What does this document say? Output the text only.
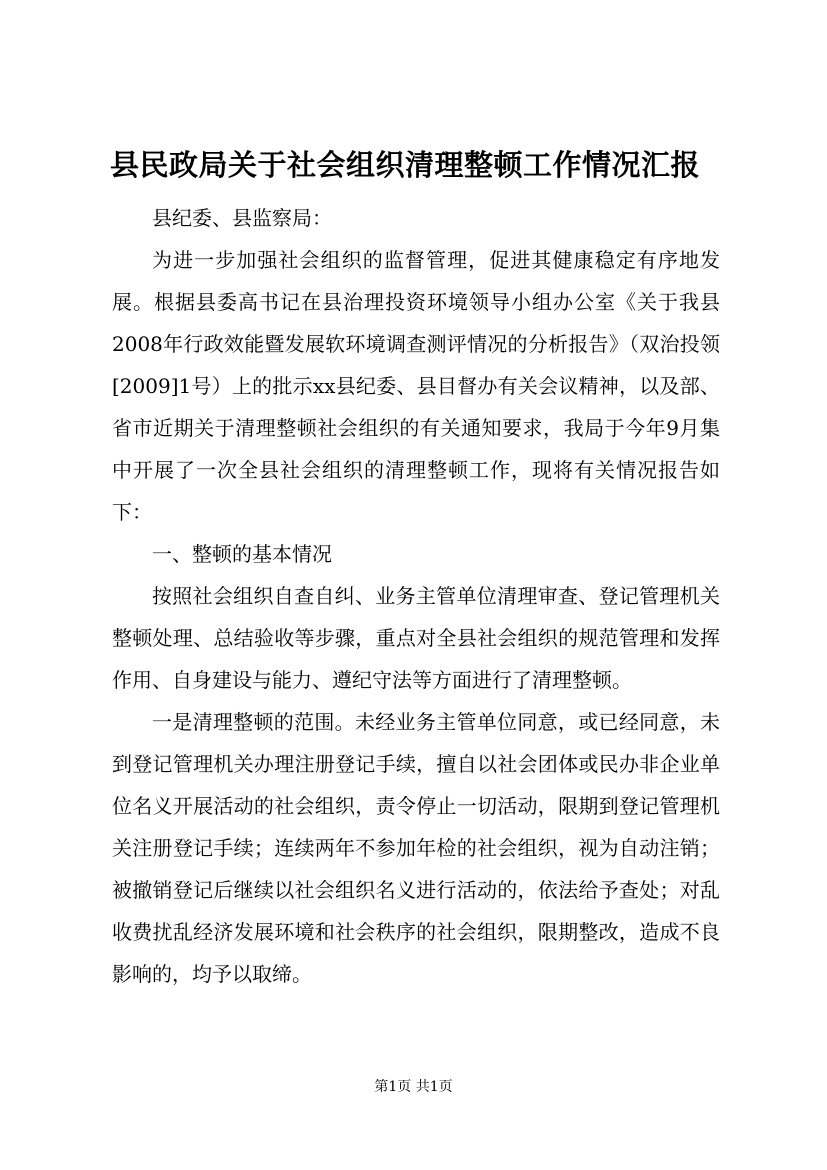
县民政局关于社会组织清理整顿工作情况汇报

县纪委、县监察局：

为进一步加强社会组织的监督管理，促进其健康稳定有序地发展。根据县委高书记在县治理投资环境领导小组办公室《关于我县2008年行政效能暨发展软环境调查测评情况的分析报告》（双治投领[2009]1号）上的批示xx县纪委、县目督办有关会议精神，以及部、省市近期关于清理整顿社会组织的有关通知要求，我局于今年9月集中开展了一次全县社会组织的清理整顿工作，现将有关情况报告如下：

一、整顿的基本情况

按照社会组织自查自纠、业务主管单位清理审查、登记管理机关整顿处理、总结验收等步骤，重点对全县社会组织的规范管理和发挥作用、自身建设与能力、遵纪守法等方面进行了清理整顿。

一是清理整顿的范围。未经业务主管单位同意，或已经同意，未到登记管理机关办理注册登记手续，擅自以社会团体或民办非企业单位名义开展活动的社会组织，责令停止一切活动，限期到登记管理机关注册登记手续；连续两年不参加年检的社会组织，视为自动注销；被撤销登记后继续以社会组织名义进行活动的，依法给予查处；对乱收费扰乱经济发展环境和社会秩序的社会组织，限期整改，造成不良影响的，均予以取缔。

第1页 共1页
